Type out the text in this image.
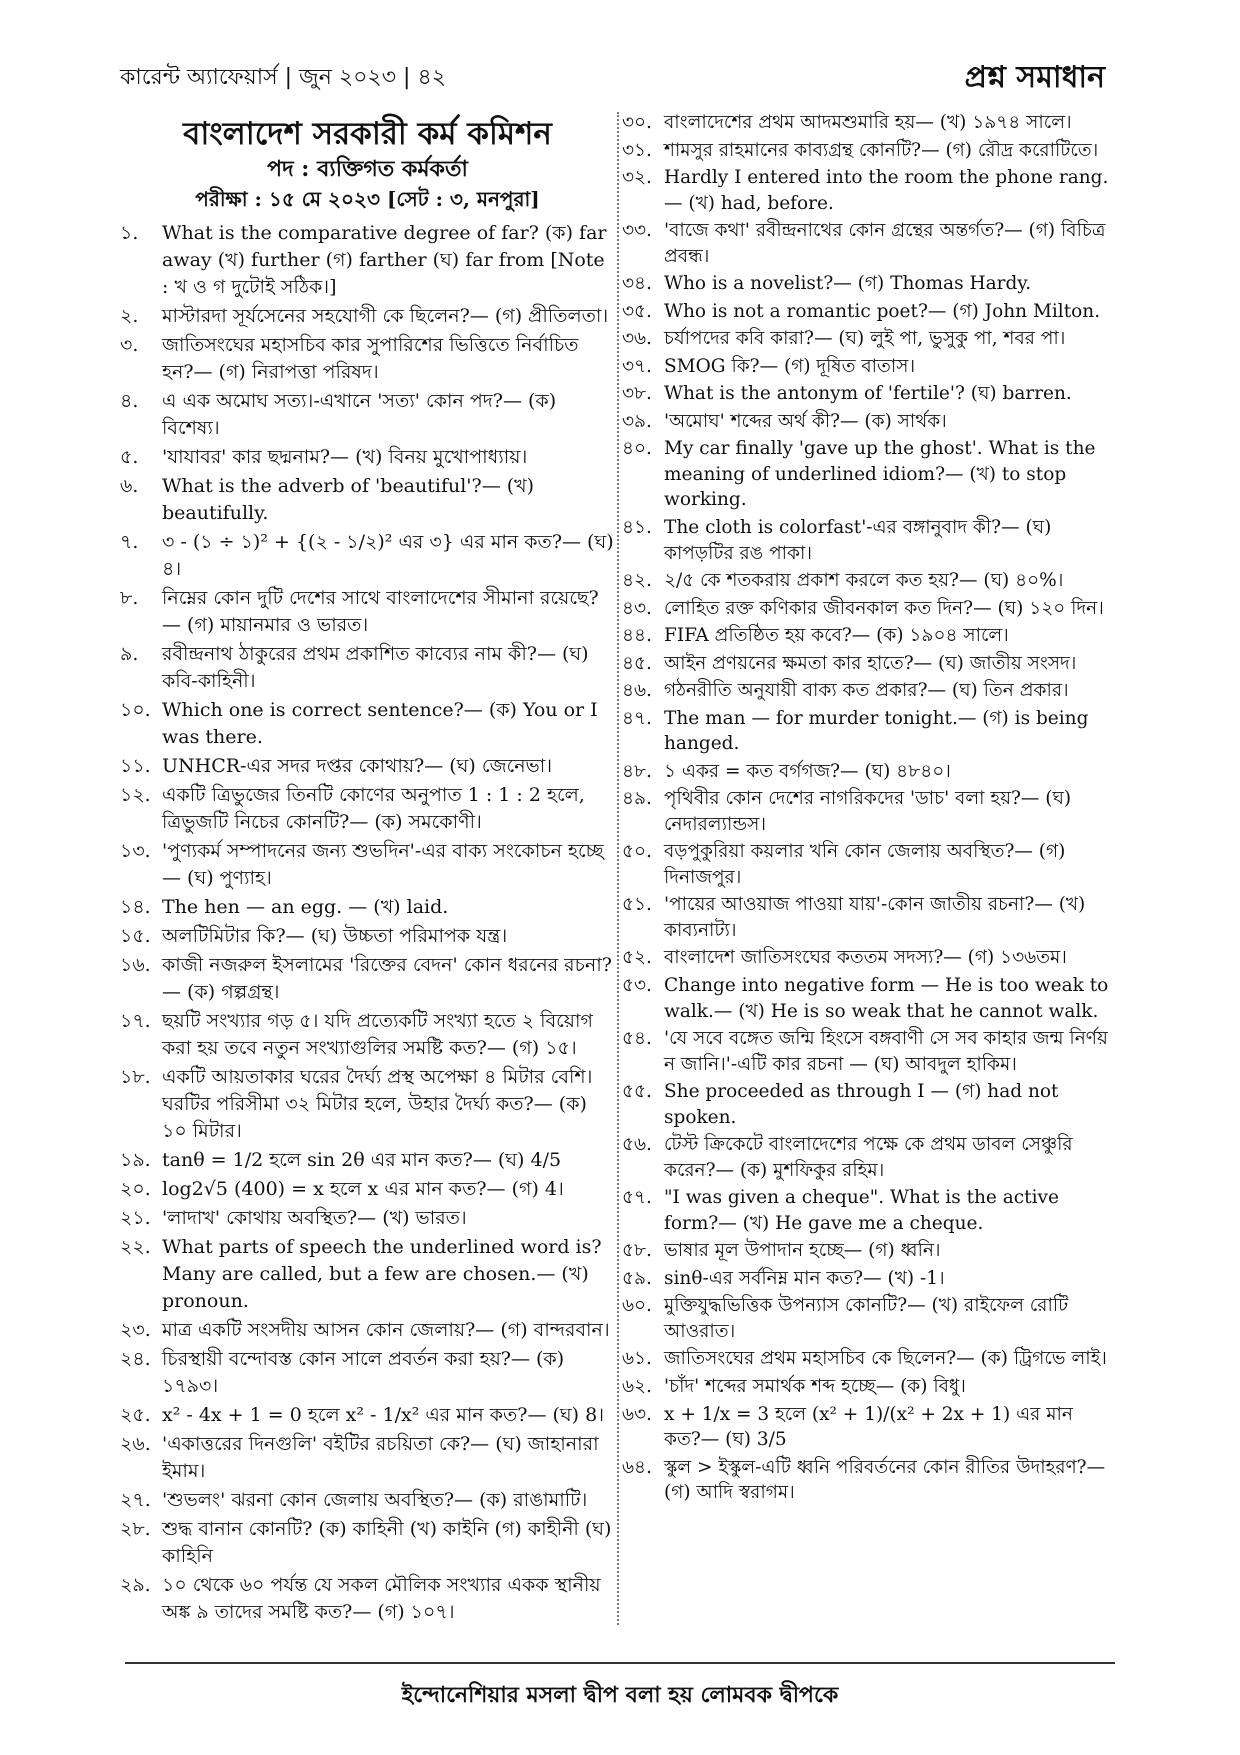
কারেন্ট অ্যাফেয়ার্স | জুন ২০২৩ | ৪২	প্রশ্ন সমাধান
বাংলাদেশ সরকারী কর্ম কমিশন
পদ : ব্যক্তিগত কর্মকর্তা
পরীক্ষা : ১৫ মে ২০২৩ [সেট : ৩, মনপুরা]
১.	What is the comparative degree of far? (ক) far away (খ) further (গ) farther (ঘ) far from [Note : খ ও গ দুটোই সঠিক।]
২.	মাস্টারদা সূর্যসেনের সহযোগী কে ছিলেন?— (গ) প্রীতিলতা।
৩.	জাতিসংঘের মহাসচিব কার সুপারিশের ভিত্তিতে নির্বাচিত হন?— (গ) নিরাপত্তা পরিষদ।
৪.	এ এক অমোঘ সত্য।-এখানে 'সত্য' কোন পদ?— (ক) বিশেষ্য।
৫.	'যাযাবর' কার ছদ্মনাম?— (খ) বিনয় মুখোপাধ্যায়।
৬.	What is the adverb of 'beautiful'?— (খ) beautifully.
৭.	৩ - (১ ÷ ১)² + {(২ - ১/২)² এর ৩} এর মান কত?— (ঘ) ৪।
৮.	নিম্নের কোন দুটি দেশের সাথে বাংলাদেশের সীমানা রয়েছে?— (গ) মায়ানমার ও ভারত।
৯.	রবীন্দ্রনাথ ঠাকুরের প্রথম প্রকাশিত কাব্যের নাম কী?— (ঘ) কবি-কাহিনী।
১০. Which one is correct sentence?— (ক) You or I was there.
১১. UNHCR-এর সদর দপ্তর কোথায়?— (ঘ) জেনেভা।
১২. একটি ত্রিভুজের তিনটি কোণের অনুপাত 1 : 1 : 2 হলে, ত্রিভুজটি নিচের কোনটি?— (ক) সমকোণী।
১৩. 'পুণ্যকর্ম সম্পাদনের জন্য শুভদিন'-এর বাক্য সংকোচন হচ্ছে— (ঘ) পুণ্যাহ।
১৪. The hen — an egg. — (খ) laid.
১৫. অলটিমিটার কি?— (ঘ) উচ্চতা পরিমাপক যন্ত্র।
১৬. কাজী নজরুল ইসলামের 'রিক্তের বেদন' কোন ধরনের রচনা?— (ক) গল্পগ্রন্থ।
১৭. ছয়টি সংখ্যার গড় ৫। যদি প্রত্যেকটি সংখ্যা হতে ২ বিয়োগ করা হয় তবে নতুন সংখ্যাগুলির সমষ্টি কত?— (গ) ১৫।
১৮. একটি আয়তাকার ঘরের দৈর্ঘ্য প্রস্থ অপেক্ষা ৪ মিটার বেশি। ঘরটির পরিসীমা ৩২ মিটার হলে, উহার দৈর্ঘ্য কত?— (ক) ১০ মিটার।
১৯. tanθ = 1/2 হলে sin 2θ এর মান কত?— (ঘ) 4/5
২০. log2√5 (400) = x হলে x এর মান কত?— (গ) 4।
২১. 'লাদাখ' কোথায় অবস্থিত?— (খ) ভারত।
২২. What parts of speech the underlined word is? Many are called, but a few are chosen.— (খ) pronoun.
২৩. মাত্র একটি সংসদীয় আসন কোন জেলায়?— (গ) বান্দরবান।
২৪. চিরস্থায়ী বন্দোবস্ত কোন সালে প্রবর্তন করা হয়?— (ক) ১৭৯৩।
২৫. x² - 4x + 1 = 0 হলে x² - 1/x² এর মান কত?— (ঘ) 8।
২৬. 'একাত্তরের দিনগুলি' বইটির রচয়িতা কে?— (ঘ) জাহানারা ইমাম।
২৭. 'শুভলং' ঝরনা কোন জেলায় অবস্থিত?— (ক) রাঙামাটি।
২৮. শুদ্ধ বানান কোনটি? (ক) কাহিনী (খ) কাইনি (গ) কাহীনী (ঘ) কাহিনি
২৯. ১০ থেকে ৬০ পর্যন্ত যে সকল মৌলিক সংখ্যার একক স্থানীয় অঙ্ক ৯ তাদের সমষ্টি কত?— (গ) ১০৭।
৩০. বাংলাদেশের প্রথম আদমশুমারি হয়— (খ) ১৯৭৪ সালে।
৩১. শামসুর রাহমানের কাব্যগ্রন্থ কোনটি?— (গ) রৌদ্র করোটিতে।
৩২. Hardly I entered into the room the phone rang.— (খ) had, before.
৩৩. 'বাজে কথা' রবীন্দ্রনাথের কোন গ্রন্থের অন্তর্গত?— (গ) বিচিত্র প্রবন্ধ।
৩৪. Who is a novelist?— (গ) Thomas Hardy.
৩৫. Who is not a romantic poet?— (গ) John Milton.
৩৬. চর্যাপদের কবি কারা?— (ঘ) লুই পা, ভুসুকু পা, শবর পা।
৩৭. SMOG কি?— (গ) দূষিত বাতাস।
৩৮. What is the antonym of 'fertile'? (ঘ) barren.
৩৯. 'অমোঘ' শব্দের অর্থ কী?— (ক) সার্থক।
৪০. My car finally 'gave up the ghost'. What is the meaning of underlined idiom?— (খ) to stop working.
৪১. The cloth is colorfast'-এর বঙ্গানুবাদ কী?— (ঘ) কাপড়টির রঙ পাকা।
৪২. ২/৫ কে শতকরায় প্রকাশ করলে কত হয়?— (ঘ) ৪০%।
৪৩. লোহিত রক্ত কণিকার জীবনকাল কত দিন?— (ঘ) ১২০ দিন।
৪৪. FIFA প্রতিষ্ঠিত হয় কবে?— (ক) ১৯০৪ সালে।
৪৫. আইন প্রণয়নের ক্ষমতা কার হাতে?— (ঘ) জাতীয় সংসদ।
৪৬. গঠনরীতি অনুযায়ী বাক্য কত প্রকার?— (ঘ) তিন প্রকার।
৪৭. The man — for murder tonight.— (গ) is being hanged.
৪৮. ১ একর = কত বর্গগজ?— (ঘ) ৪৮৪০।
৪৯. পৃথিবীর কোন দেশের নাগরিকদের 'ডাচ' বলা হয়?— (ঘ) নেদারল্যান্ডস।
৫০. বড়পুকুরিয়া কয়লার খনি কোন জেলায় অবস্থিত?— (গ) দিনাজপুর।
৫১. 'পায়ের আওয়াজ পাওয়া যায়'-কোন জাতীয় রচনা?— (খ) কাব্যনাট্য।
৫২. বাংলাদেশ জাতিসংঘের কততম সদস্য?— (গ) ১৩৬তম।
৫৩. Change into negative form — He is too weak to walk.— (খ) He is so weak that he cannot walk.
৫৪. 'যে সবে বঙ্গেত জন্মি হিংসে বঙ্গবাণী সে সব কাহার জন্ম নির্ণয় ন জানি।'-এটি কার রচনা — (ঘ) আবদুল হাকিম।
৫৫. She proceeded as through I — (গ) had not spoken.
৫৬. টেস্ট ক্রিকেটে বাংলাদেশের পক্ষে কে প্রথম ডাবল সেঞ্চুরি করেন?— (ক) মুশফিকুর রহিম।
৫৭. "I was given a cheque". What is the active form?— (খ) He gave me a cheque.
৫৮. ভাষার মূল উপাদান হচ্ছে— (গ) ধ্বনি।
৫৯. sinθ-এর সর্বনিম্ন মান কত?— (খ) -1।
৬০. মুক্তিযুদ্ধভিত্তিক উপন্যাস কোনটি?— (খ) রাইফেল রোটি আওরাত।
৬১. জাতিসংঘের প্রথম মহাসচিব কে ছিলেন?— (ক) ট্রিগভে লাই।
৬২. 'চাঁদ' শব্দের সমার্থক শব্দ হচ্ছে— (ক) বিধু।
৬৩. x + 1/x = 3 হলে (x² + 1)/(x² + 2x + 1) এর মান কত?— (ঘ) 3/5
৬৪. স্কুল > ইস্কুল-এটি ধ্বনি পরিবর্তনের কোন রীতির উদাহরণ?— (গ) আদি স্বরাগম।
ইন্দোনেশিয়ার মসলা দ্বীপ বলা হয় লোমবক দ্বীপকে
